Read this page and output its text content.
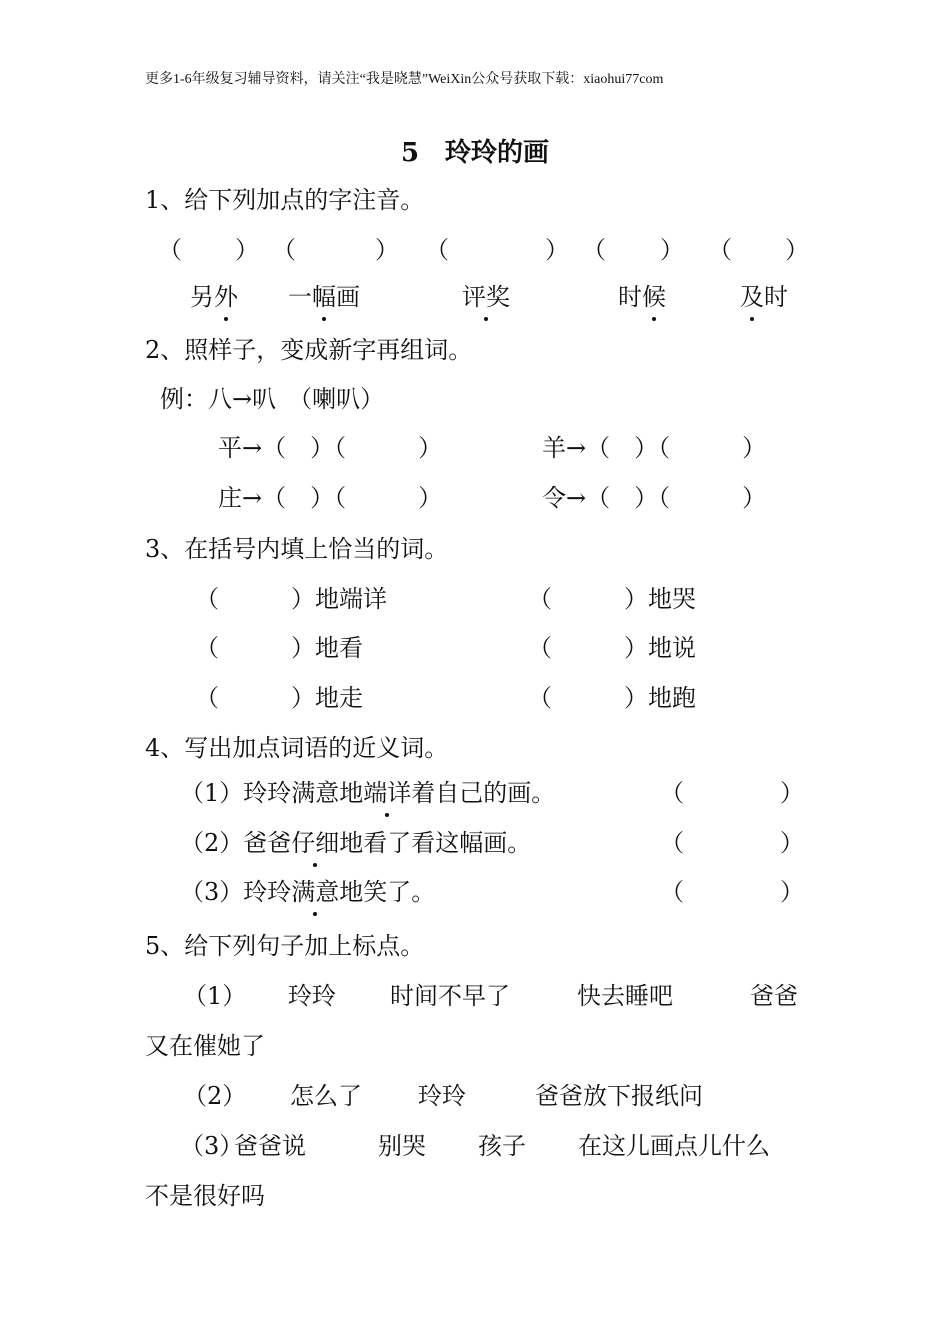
更多1-6年级复习辅导资料，请关注“我是晓慧”WeiXin公众号获取下载：xiaohui77com
5　玲玲的画
1、给下列加点的字注音。
（ ） （	） （	） （ ） （ ）
另外 一幅画	评奖	时候	及时
2、照样子，变成新字再组词。
例：八→叭　（喇叭）
平→（　）（　　　）	羊→（　）（　　　）
庄→（　）（　　　）	令→（　）（　　　）
3、在括号内填上恰当的词。
（　　　）地端详	（　　　）地哭
（　　　）地看	（　　　）地说
（　　　）地走	（　　　）地跑
4、写出加点词语的近义词。
（1）玲玲满意地端详着自己的画。	（　　　　）
（2）爸爸仔细地看了看这幅画。	（　　　　）
（3）玲玲满意地笑了。	（　　　　）
5、给下列句子加上标点。
（1） 玲玲 时间不早了	快去睡吧	爸爸
又在催她了
（2） 怎么了 玲玲	爸爸放下报纸问
（3）
爸爸说	别哭 孩子 在这儿画点儿什么
不是很好吗
